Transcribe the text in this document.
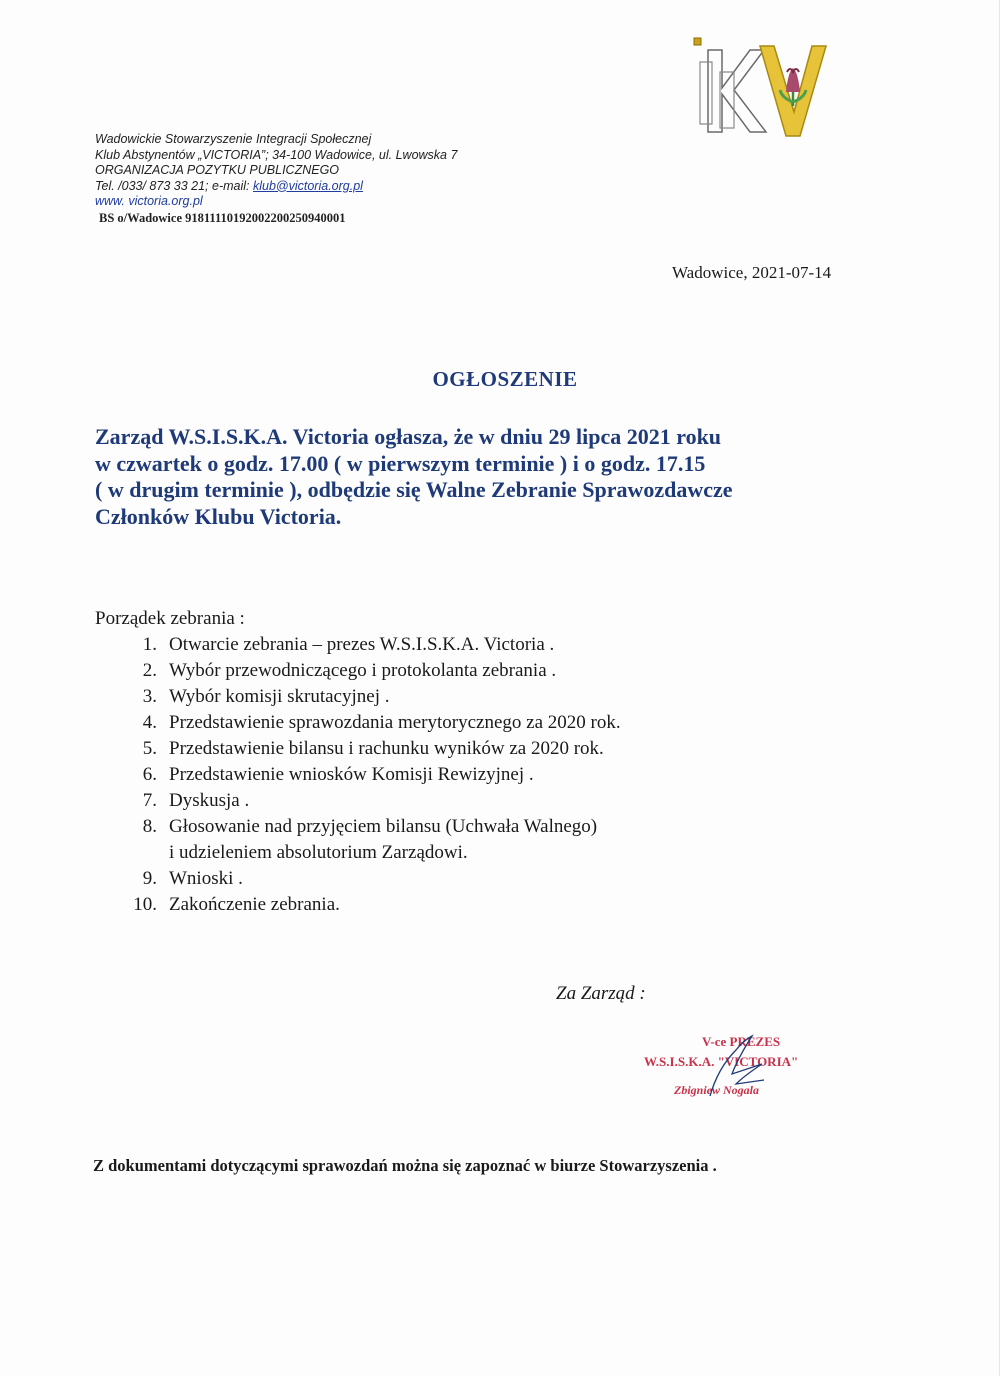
Wadowickie Stowarzyszenie Integracji Społecznej
Klub Abstynentów „VICTORIA”; 34-100 Wadowice, ul. Lwowska 7
ORGANIZACJA POZYTKU PUBLICZNEGO
Tel. /033/ 873 33 21; e-mail: klub@victoria.org.pl
www. victoria.org.pl
BS o/Wadowice 91811110192002200250940001
Wadowice, 2021-07-14
OGŁOSZENIE
Zarząd W.S.I.S.K.A. Victoria ogłasza, że w dniu 29 lipca 2021 roku
w czwartek o godz. 17.00 ( w pierwszym terminie ) i o godz. 17.15
( w drugim terminie ), odbędzie się Walne Zebranie Sprawozdawcze
Członków Klubu Victoria.
Porządek zebrania :
1. Otwarcie zebrania – prezes W.S.I.S.K.A. Victoria .
2. Wybór przewodniczącego i protokolanta zebrania .
3. Wybór komisji skrutacyjnej .
4. Przedstawienie sprawozdania merytorycznego za 2020 rok.
5. Przedstawienie bilansu i rachunku wyników za 2020 rok.
6. Przedstawienie wniosków Komisji Rewizyjnej .
7. Dyskusja .
8. Głosowanie nad przyjęciem bilansu (Uchwała Walnego)
i udzieleniem absolutorium Zarządowi.
9. Wnioski .
10. Zakończenie zebrania.
Za Zarząd :
V-ce PREZES
W.S.I.S.K.A. "VICTORIA"
Zbigniew Nogala
Z dokumentami dotyczącymi sprawozdań można się zapoznać w biurze Stowarzyszenia .
